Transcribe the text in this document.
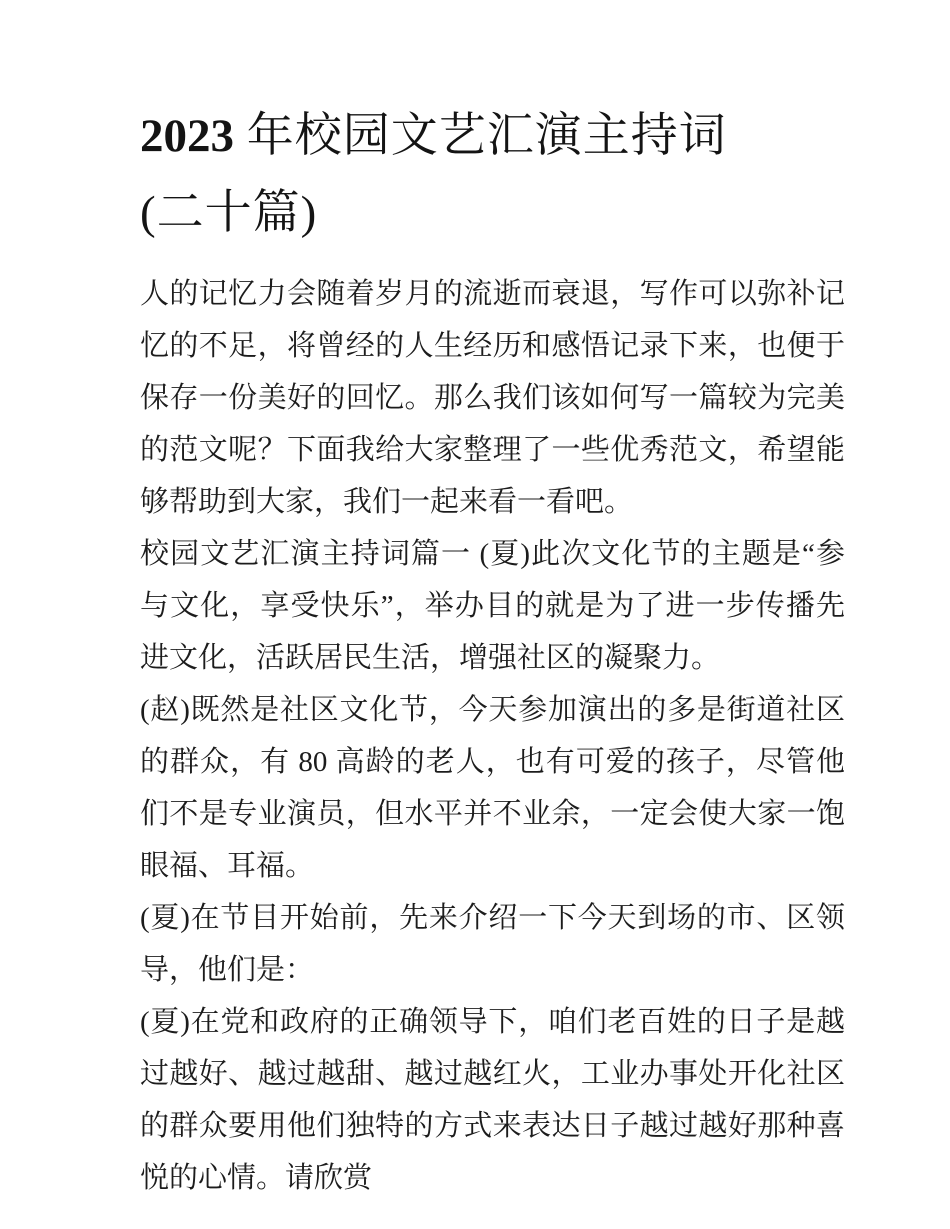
2023 年校园文艺汇演主持词
(二十篇)

人的记忆力会随着岁月的流逝而衰退，写作可以弥补记忆的不足，将曾经的人生经历和感悟记录下来，也便于保存一份美好的回忆。那么我们该如何写一篇较为完美的范文呢？下面我给大家整理了一些优秀范文，希望能够帮助到大家，我们一起来看一看吧。

校园文艺汇演主持词篇一 (夏)此次文化节的主题是“参与文化，享受快乐”，举办目的就是为了进一步传播先进文化，活跃居民生活，增强社区的凝聚力。

(赵)既然是社区文化节，今天参加演出的多是街道社区的群众，有 80 高龄的老人，也有可爱的孩子，尽管他们不是专业演员，但水平并不业余，一定会使大家一饱眼福、耳福。

(夏)在节目开始前，先来介绍一下今天到场的市、区领导，他们是：

(夏)在党和政府的正确领导下，咱们老百姓的日子是越过越好、越过越甜、越过越红火，工业办事处开化社区的群众要用他们独特的方式来表达日子越过越好那种喜悦的心情。请欣赏
